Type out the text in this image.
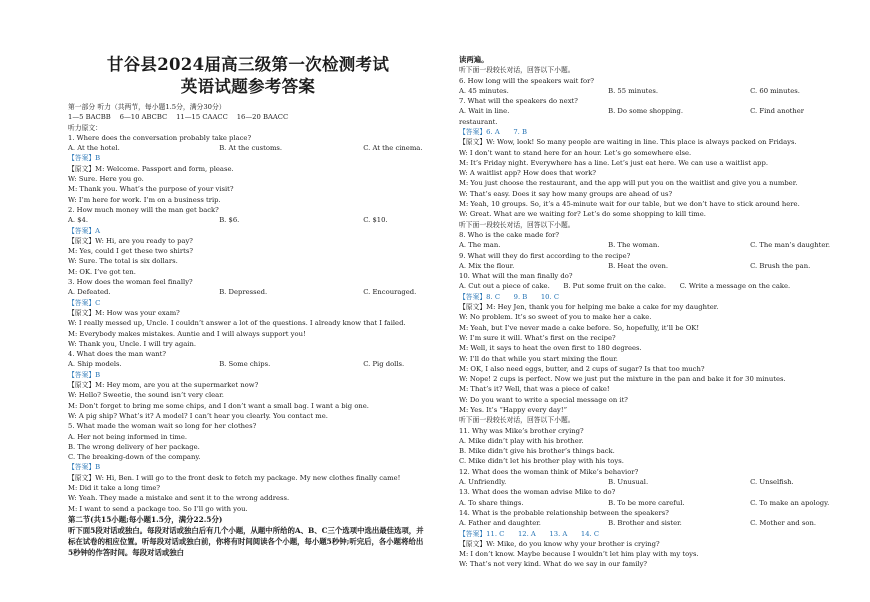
甘谷县2024届高三级第一次检测考试
英语试题参考答案
第一部分 听力（共两节，每小题1.5分，满分30分）
1—5 BACBB　 6—10 ABCBC　 11—15 CAACC　 16—20 BAACC
听力原文：
1. Where does the conversation probably take place?
A. At the hotel.	B. At the customs.	C. At the cinema.
【答案】B
【原文】M: Welcome. Passport and form, please.
W: Sure. Here you go.
M: Thank you. What’s the purpose of your visit?
W: I’m here for work. I’m on a business trip.
2. How much money will the man get back?
A. $4.	B. $6.	C. $10.
【答案】A
【原文】W: Hi, are you ready to pay?
M: Yes, could I get these two shirts?
W: Sure. The total is six dollars.
M: OK. I’ve got ten.
3. How does the woman feel finally?
A. Defeated.	B. Depressed.	C. Encouraged.
【答案】C
【原文】M: How was your exam?
W: I really messed up, Uncle. I couldn’t answer a lot of the questions. I already know that I failed.
M: Everybody makes mistakes. Auntie and I will always support you!
W: Thank you, Uncle. I will try again.
4. What does the man want?
A. Ship models.	B. Some chips.	C. Pig dolls.
【答案】B
【原文】M: Hey mom, are you at the supermarket now?
W: Hello? Sweetie, the sound isn’t very clear.
M: Don’t forget to bring me some chips, and I don’t want a small bag. I want a big one.
W: A pig ship? What’s it? A model? I can’t hear you clearly. You contact me.
5. What made the woman wait so long for her clothes?
A. Her not being informed in time.
B. The wrong delivery of her package.
C. The breaking-down of the company.
【答案】B
【原文】W: Hi, Ben. I will go to the front desk to fetch my package. My new clothes finally came!
M: Did it take a long time?
W: Yeah. They made a mistake and sent it to the wrong address.
M: I want to send a package too. So I’ll go with you.
第二节(共15小题;每小题1.5分，满分22.5分)
听下面5段对话或独白。每段对话或独白后有几个小题，从题中所给的A、B、C三个选项中选出最佳选项，并标在试卷的相应位置。听每段对话或独白前，你将有时间阅读各个小题，每小题5秒钟;听完后，各小题将给出5秒钟的作答时间。每段对话或独白
读两遍。
听下面一段较长对话，回答以下小题。
6. How long will the speakers wait for?
A. 45 minutes.	B. 55 minutes.	C. 60 minutes.
7. What will the speakers do next?
A. Wait in line.	B. Do some shopping.	C. Find another
restaurant.
【答案】6. A　　7. B
【原文】W: Wow, look! So many people are waiting in line. This place is always packed on Fridays.
W: I don’t want to stand here for an hour. Let’s go somewhere else.
M: It’s Friday night. Everywhere has a line. Let’s just eat here. We can use a waitlist app.
W: A waitlist app? How does that work?
M: You just choose the restaurant, and the app will put you on the waitlist and give you a number.
W: That’s easy. Does it say how many groups are ahead of us?
M: Yeah, 10 groups. So, it’s a 45-minute wait for our table, but we don’t have to stick around here.
W: Great. What are we waiting for? Let’s do some shopping to kill time.
听下面一段较长对话，回答以下小题。
8. Who is the cake made for?
A. The man.	B. The woman.	C. The man’s daughter.
9. What will they do first according to the recipe?
A. Mix the flour.	B. Heat the oven.	C. Brush the pan.
10. What will the man finally do?
A. Cut out a piece of cake.　　B. Put some fruit on the cake.　　C. Write a message on the cake.
【答案】8. C　　9. B　　10. C
【原文】M: Hey Jen, thank you for helping me bake a cake for my daughter.
W: No problem. It’s so sweet of you to make her a cake.
M: Yeah, but I’ve never made a cake before. So, hopefully, it’ll be OK!
W: I’m sure it will. What’s first on the recipe?
M: Well, it says to heat the oven first to 180 degrees.
W: I’ll do that while you start mixing the flour.
M: OK, I also need eggs, butter, and 2 cups of sugar? Is that too much?
W: Nope! 2 cups is perfect. Now we just put the mixture in the pan and bake it for 30 minutes.
M: That’s it? Well, that was a piece of cake!
W: Do you want to write a special message on it?
M: Yes. It’s “Happy every day!”
听下面一段较长对话，回答以下小题。
11. Why was Mike’s brother crying?
A. Mike didn’t play with his brother.
B. Mike didn’t give his brother’s things back.
C. Mike didn’t let his brother play with his toys.
12. What does the woman think of Mike’s behavior?
A. Unfriendly.	B. Unusual.	C. Unselfish.
13. What does the woman advise Mike to do?
A. To share things.	B. To be more careful.	C. To make an apology.
14. What is the probable relationship between the speakers?
A. Father and daughter.	B. Brother and sister.	C. Mother and son.
【答案】11. C　　12. A　　13. A　　14. C
【原文】W: Mike, do you know why your brother is crying?
M: I don’t know. Maybe because I wouldn’t let him play with my toys.
W: That’s not very kind. What do we say in our family?
